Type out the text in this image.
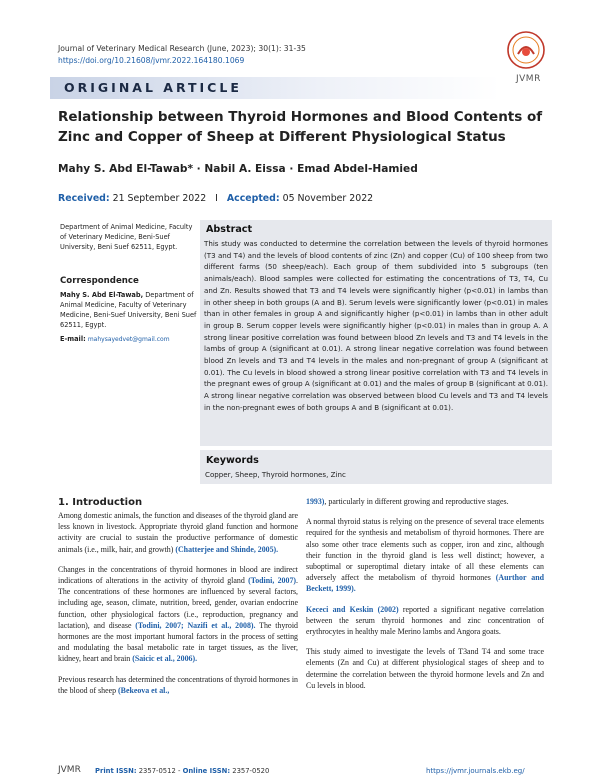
Journal of Veterinary Medical Research (June, 2023); 30(1): 31-35
https://doi.org/10.21608/jvmr.2022.164180.1069
JVMR
ORIGINAL ARTICLE
Relationship between Thyroid Hormones and Blood Contents of Zinc and Copper of Sheep at Different Physiological Status
Mahy S. Abd El-Tawab* · Nabil A. Eissa · Emad Abdel-Hamied
Received: 21 September 2022 I Accepted: 05 November 2022
Department of Animal Medicine, Faculty of Veterinary Medicine, Beni-Suef University, Beni Suef 62511, Egypt.
Correspondence
Mahy S. Abd El-Tawab, Department of Animal Medicine, Faculty of Veterinary Medicine, Beni-Suef University, Beni Suef 62511, Egypt.
E-mail: mahysayedvet@gmail.com
Abstract
This study was conducted to determine the correlation between the levels of thyroid hormones (T3 and T4) and the levels of blood contents of zinc (Zn) and copper (Cu) of 100 sheep from two different farms (50 sheep/each). Each group of them subdivided into 5 subgroups (ten animals/each). Blood samples were collected for estimating the concentrations of T3, T4, Cu and Zn. Results showed that T3 and T4 levels were significantly higher (p<0.01) in lambs than in other sheep in both groups (A and B). Serum levels were significantly lower (p<0.01) in males than in other females in group A and significantly higher (p<0.01) in lambs than in other adult in group B. Serum copper levels were significantly higher (p<0.01) in males than in group A. A strong linear positive correlation was found between blood Zn levels and T3 and T4 levels in the lambs of group A (significant at 0.01). A strong linear negative correlation was found between blood Zn levels and T3 and T4 levels in the males and non-pregnant of group A (significant at 0.01). The Cu levels in blood showed a strong linear positive correlation with T3 and T4 levels in the pregnant ewes of group A (significant at 0.01) and the males of group B (significant at 0.01). A strong linear negative correlation was observed between blood Cu levels and T3 and T4 levels in the non-pregnant ewes of both groups A and B (significant at 0.01).
Keywords
Copper, Sheep, Thyroid hormones, Zinc
1. Introduction

Among domestic animals, the function and diseases of the thyroid gland are less known in livestock. Appropriate thyroid gland function and hormone activity are crucial to sustain the productive performance of domestic animals (i.e., milk, hair, and growth) (Chatterjee and Shinde, 2005).

Changes in the concentrations of thyroid hormones in blood are indirect indications of alterations in the activity of thyroid gland (Todini, 2007). The concentrations of these hormones are influenced by several factors, including age, season, climate, nutrition, breed, gender, ovarian endocrine function, other physiological factors (i.e., reproduction, pregnancy and lactation), and disease (Todini, 2007; Nazifi et al., 2008). The thyroid hormones are the most important humoral factors in the process of setting and modulating the basal metabolic rate in target tissues, as the liver, kidney, heart and brain (Saicic et al., 2006).

Previous research has determined the concentrations of thyroid hormones in the blood of sheep (Bekeova et al.,

1993), particularly in different growing and reproductive stages.

A normal thyroid status is relying on the presence of several trace elements required for the synthesis and metabolism of thyroid hormones. There are also some other trace elements such as copper, iron and zinc, although their function in the thyroid gland is less well distinct; however, a suboptimal or superoptimal dietary intake of all these elements can adversely affect the metabolism of thyroid hormones (Aurthor and Beckett, 1999).

Kececi and Keskin (2002) reported a significant negative correlation between the serum thyroid hormones and zinc concentration of erythrocytes in healthy male Merino lambs and Angora goats.

This study aimed to investigate the levels of T3and T4 and some trace elements (Zn and Cu) at different physiological stages of sheep and to determine the correlation between the thyroid hormone levels and Zn and Cu levels in blood.

JVMR Print ISSN: 2357-0512 - Online ISSN: 2357-0520	https://jvmr.journals.ekb.eg/
